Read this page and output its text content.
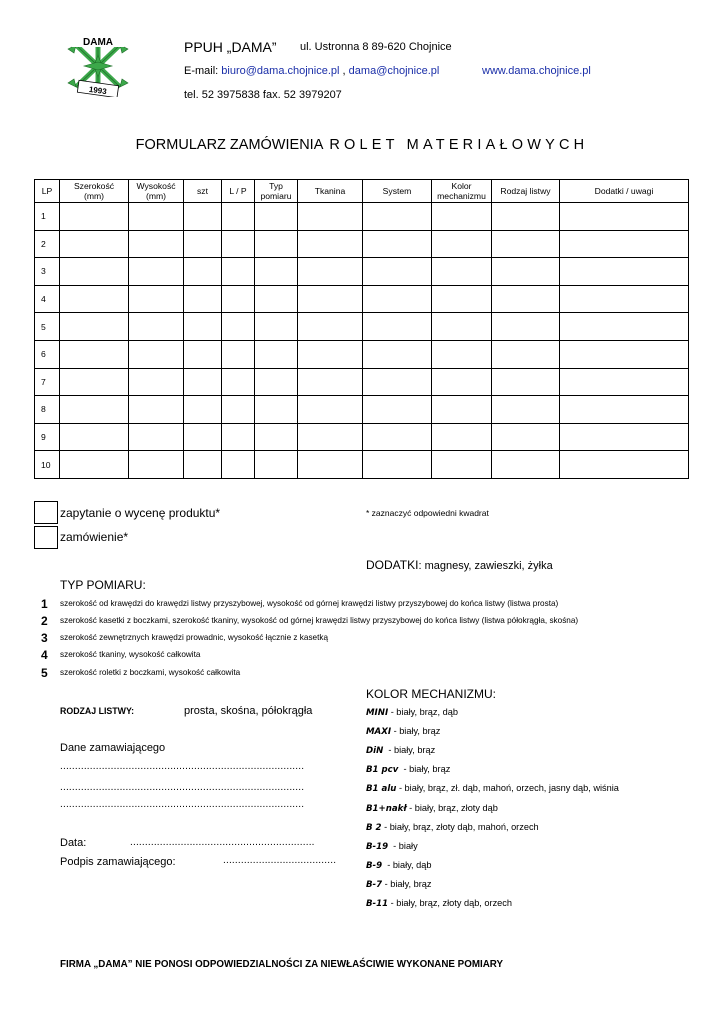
DAMA
1993
PPUH „DAMA” ul. Ustronna 8 89-620 Chojnice
E-mail: biuro@dama.chojnice.pl , dama@chojnice.pl	www.dama.chojnice.pl
tel. 52 3975838 fax. 52 3979207
FORMULARZ ZAMÓWIENIA ROLET MATERIAŁOWYCH
LP	Szerokość
(mm)	Wysokość
(mm)	szt	L / P	Typ
pomiaru	Tkanina	System	Kolor
mechanizmu	Rodzaj listwy	Dodatki / uwagi
1										
2										
3										
4										
5										
6										
7										
8										
9										
10										
zapytanie o wycenę produktu*
zamówienie*
* zaznaczyć odpowiedni kwadrat
DODATKI: magnesy, zawieszki, żyłka
TYP POMIARU:
1 szerokość od krawędzi do krawędzi listwy przyszybowej, wysokość od górnej krawędzi listwy przyszybowej do końca listwy (listwa prosta)
2 szerokość kasetki z boczkami, szerokość tkaniny, wysokość od górnej krawędzi listwy przyszybowej do końca listwy (listwa półokrągła, skośna)
3 szerokość zewnętrznych krawędzi prowadnic, wysokość łącznie z kasetką
4 szerokość tkaniny, wysokość całkowita
5 szerokość roletki z boczkami, wysokość całkowita
RODZAJ LISTWY:	prosta, skośna, półokrągła
Dane zamawiającego
..................................................................................
..................................................................................
..................................................................................
Data:	..............................................................
Podpis zamawiającego:	......................................
KOLOR MECHANIZMU:
MINI - biały, brąz, dąb
MAXI - biały, brąz
DiN  - biały, brąz
B1 pcv  - biały, brąz
B1 alu - biały, brąz, zł. dąb, mahoń, orzech, jasny dąb, wiśnia
B1+nakł - biały, brąz, złoty dąb
B 2 - biały, brąz, złoty dąb, mahoń, orzech
B-19  - biały
B-9  - biały, dąb
B-7 - biały, brąz
B-11 - biały, brąz, złoty dąb, orzech
FIRMA „DAMA” NIE PONOSI ODPOWIEDZIALNOŚCI ZA NIEWŁAŚCIWIE WYKONANE POMIARY
